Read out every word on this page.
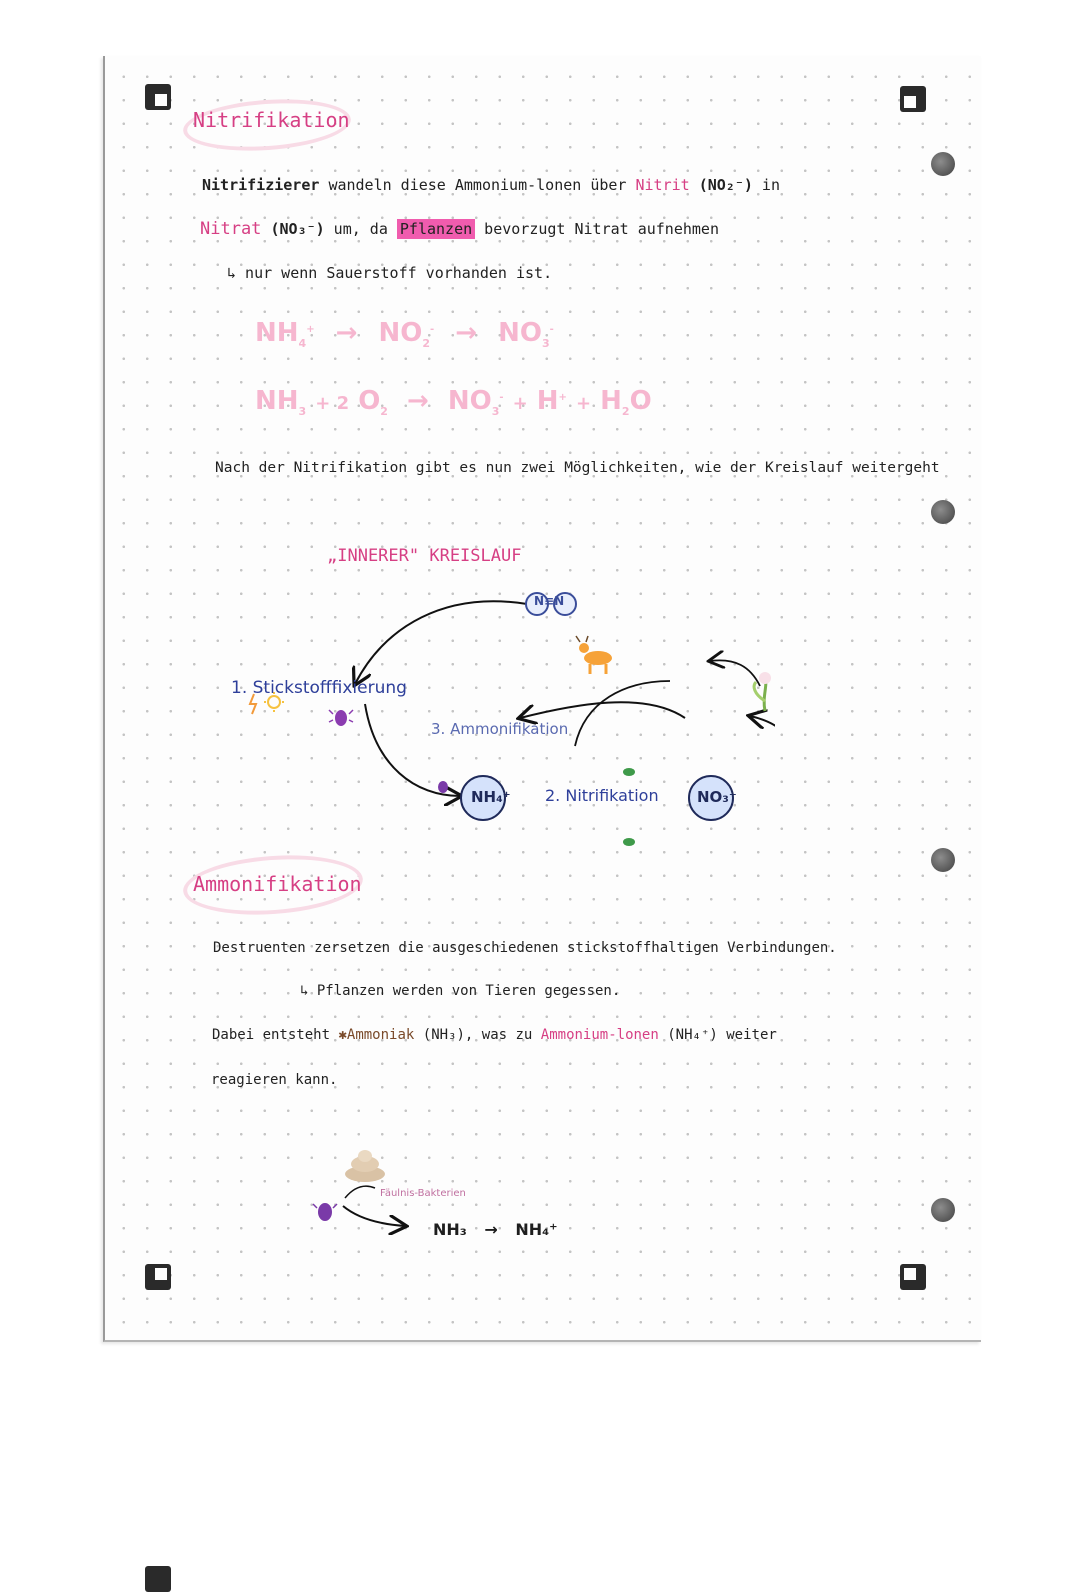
Nitrifikation
Nitrifizierer wandeln diese Ammonium-lonen über Nitrit (NO₂⁻) in
Nitrat (NO₃⁻) um, da Pflanzen bevorzugt Nitrat aufnehmen
↳ nur wenn Sauerstoff vorhanden ist.
$NH_4^+ \to NO_2^- \to NO_3^-$
$NH_3 + 2$ $O_2 \to NO_3^- + H^+ + H_2O$
Nach der Nitrifikation gibt es nun zwei Möglichkeiten, wie der Kreislauf weitergeht
„INNERER" KREISLAUF
N≡N
1. Stickstofffixierung
3. Ammonifikation
NH₄⁺ 2. Nitrifikation	NO₃⁻
Ammonifikation
Destruenten zersetzen die ausgeschiedenen stickstoffhaltigen Verbindungen.
↳ Pflanzen werden von Tieren gegessen.
Dabei entsteht ✱Ammoniak (NH₃), was zu Ammonium-lonen (NH₄⁺) weiter
reagieren kann.
Fäulnis-Bakterien
NH₃ → NH₄⁺
